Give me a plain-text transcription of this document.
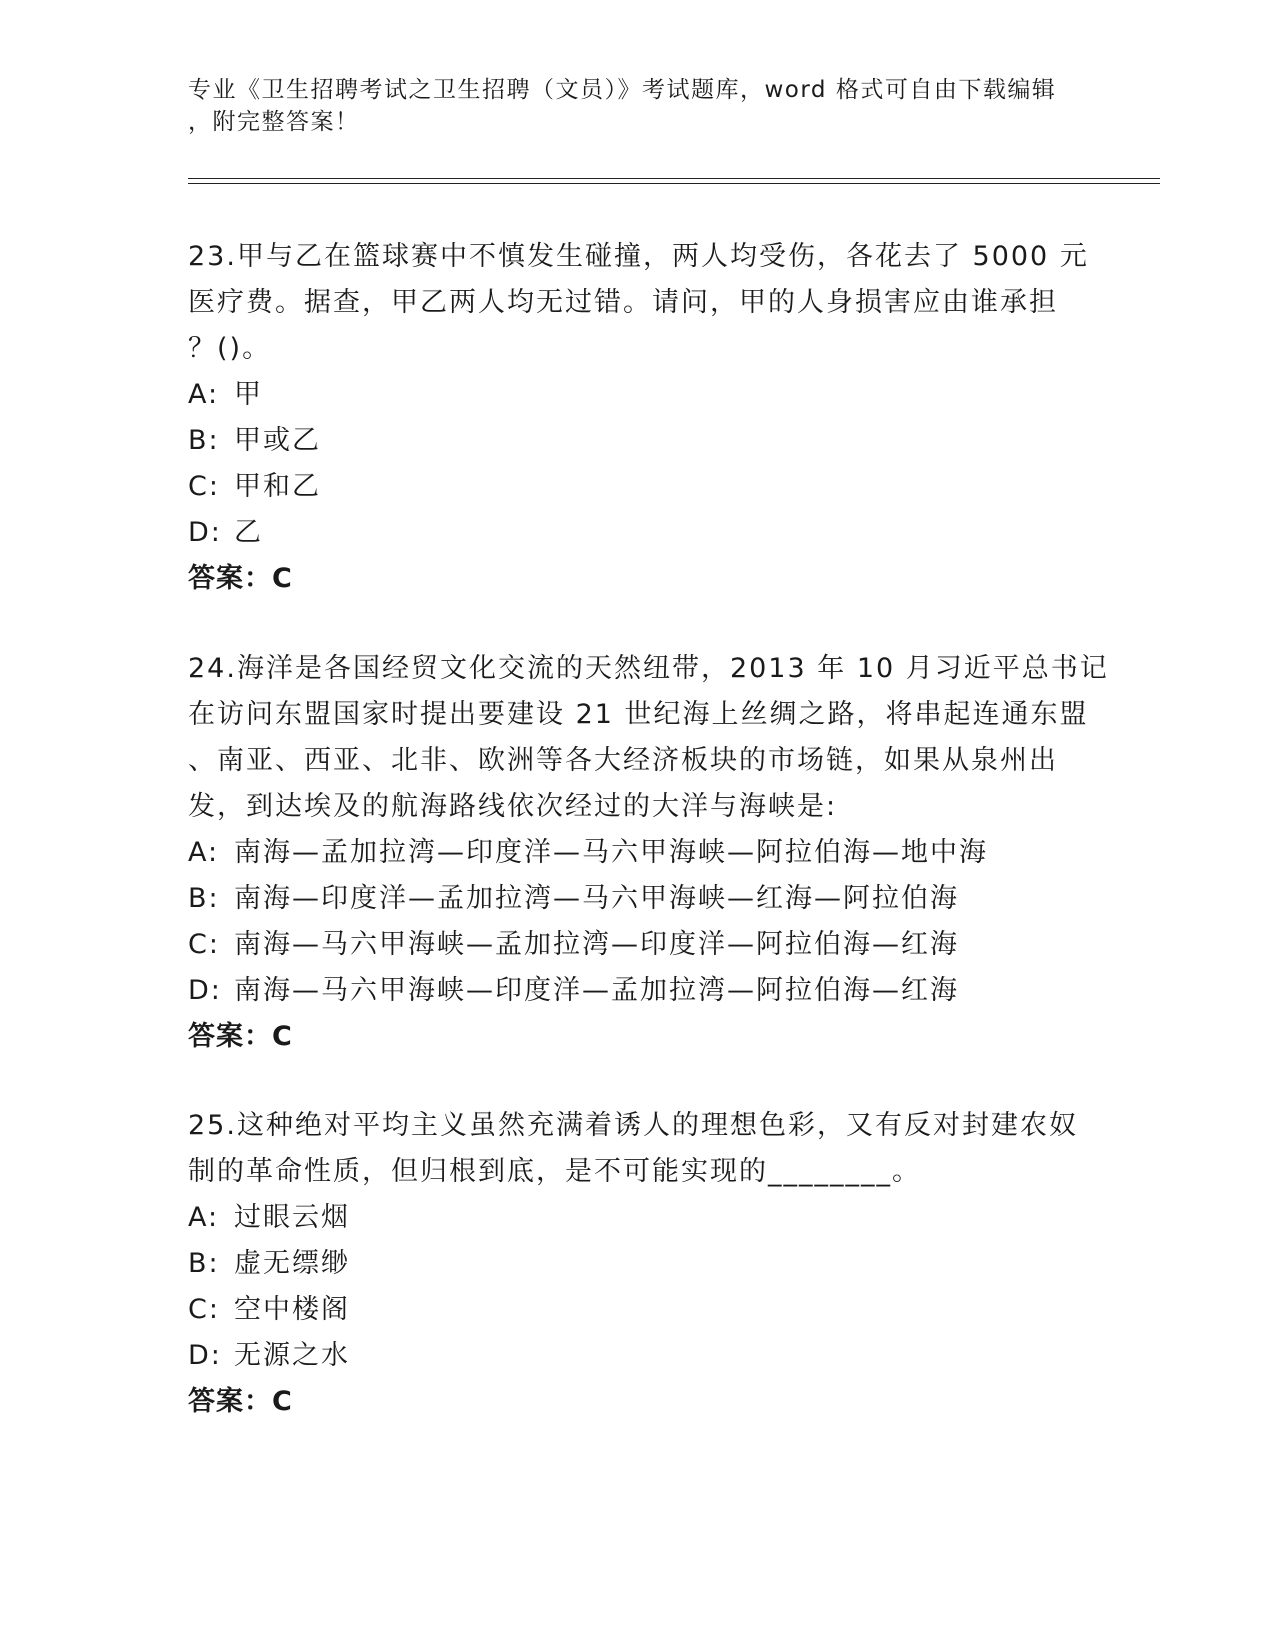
专业《卫生招聘考试之卫生招聘（文员）》考试题库，word 格式可自由下载编辑
，附完整答案！
23.甲与乙在篮球赛中不慎发生碰撞，两人均受伤，各花去了 5000 元
医疗费。据查，甲乙两人均无过错。请问，甲的人身损害应由谁承担
？()。
A: 甲
B: 甲或乙
C: 甲和乙
D: 乙
答案：C
24.海洋是各国经贸文化交流的天然纽带，2013 年 10 月习近平总书记
在访问东盟国家时提出要建设 21 世纪海上丝绸之路，将串起连通东盟
、南亚、西亚、北非、欧洲等各大经济板块的市场链，如果从泉州出
发，到达埃及的航海路线依次经过的大洋与海峡是:
A: 南海—孟加拉湾—印度洋—马六甲海峡—阿拉伯海—地中海
B: 南海—印度洋—孟加拉湾—马六甲海峡—红海—阿拉伯海
C: 南海—马六甲海峡—孟加拉湾—印度洋—阿拉伯海—红海
D: 南海—马六甲海峡—印度洋—孟加拉湾—阿拉伯海—红海
答案：C
25.这种绝对平均主义虽然充满着诱人的理想色彩，又有反对封建农奴
制的革命性质，但归根到底，是不可能实现的________。
A: 过眼云烟
B: 虚无缥缈
C: 空中楼阁
D: 无源之水
答案：C
